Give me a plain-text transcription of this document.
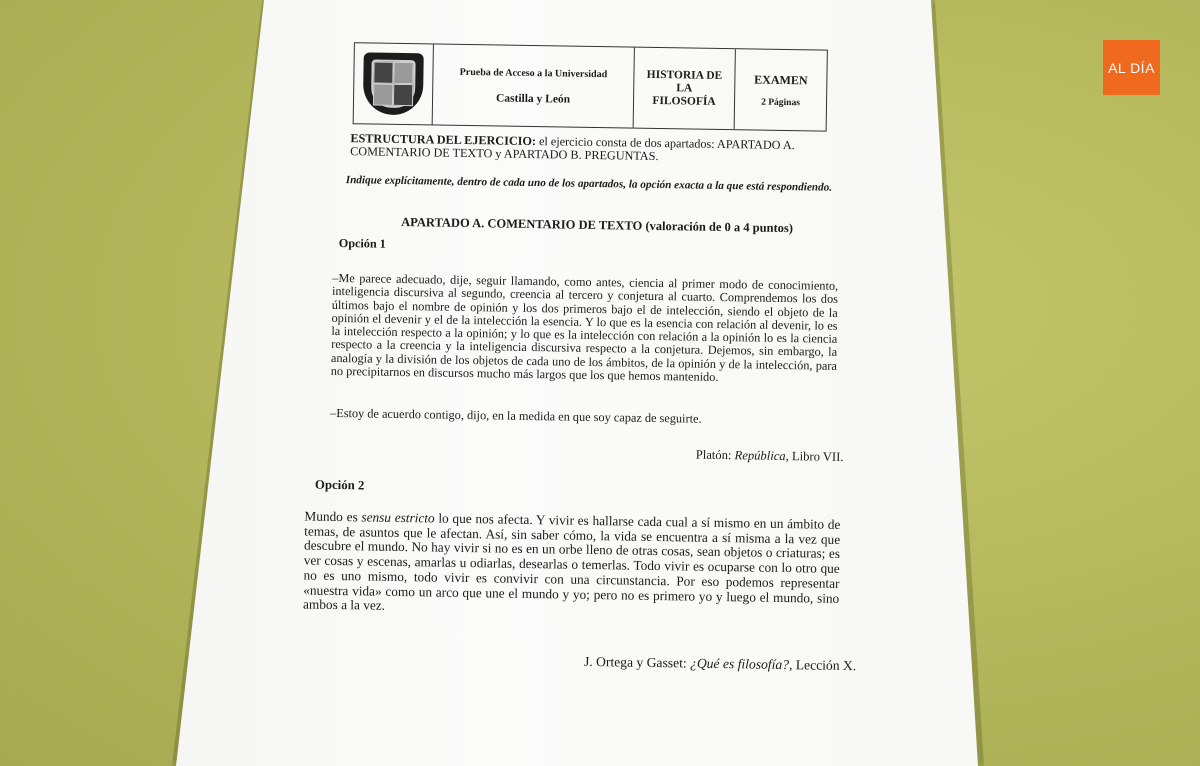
Prueba de Acceso a la Universidad
Castilla y León
HISTORIA DE
LA
FILOSOFÍA
EXAMEN
2 Páginas
ESTRUCTURA DEL EJERCICIO: el ejercicio consta de dos apartados: APARTADO A. COMENTARIO DE TEXTO y APARTADO B. PREGUNTAS.
Indique explícitamente, dentro de cada uno de los apartados, la opción exacta a la que está respondiendo.
APARTADO A. COMENTARIO DE TEXTO (valoración de 0 a 4 puntos)
Opción 1
–Me parece adecuado, dije, seguir llamando, como antes, ciencia al primer modo de conocimiento, inteligencia discursiva al segundo, creencia al tercero y conjetura al cuarto. Comprendemos los dos últimos bajo el nombre de opinión y los dos primeros bajo el de intelección, siendo el objeto de la opinión el devenir y el de la intelección la esencia. Y lo que es la esencia con relación al devenir, lo es la intelección respecto a la opinión; y lo que es la intelección con relación a la opinión lo es la ciencia respecto a la creencia y la inteligencia discursiva respecto a la conjetura. Dejemos, sin embargo, la analogía y la división de los objetos de cada uno de los ámbitos, de la opinión y de la intelección, para no precipitarnos en discursos mucho más largos que los que hemos mantenido.
–Estoy de acuerdo contigo, dijo, en la medida en que soy capaz de seguirte.
Platón: República, Libro VII.
Opción 2
Mundo es sensu estricto lo que nos afecta. Y vivir es hallarse cada cual a sí mismo en un ámbito de temas, de asuntos que le afectan. Así, sin saber cómo, la vida se encuentra a sí misma a la vez que descubre el mundo. No hay vivir si no es en un orbe lleno de otras cosas, sean objetos o criaturas; es ver cosas y escenas, amarlas u odiarlas, desearlas o temerlas. Todo vivir es ocuparse con lo otro que no es uno mismo, todo vivir es convivir con una circunstancia. Por eso podemos representar «nuestra vida» como un arco que une el mundo y yo; pero no es primero yo y luego el mundo, sino ambos a la vez.
J. Ortega y Gasset: ¿Qué es filosofía?, Lección X.
AL DÍA
